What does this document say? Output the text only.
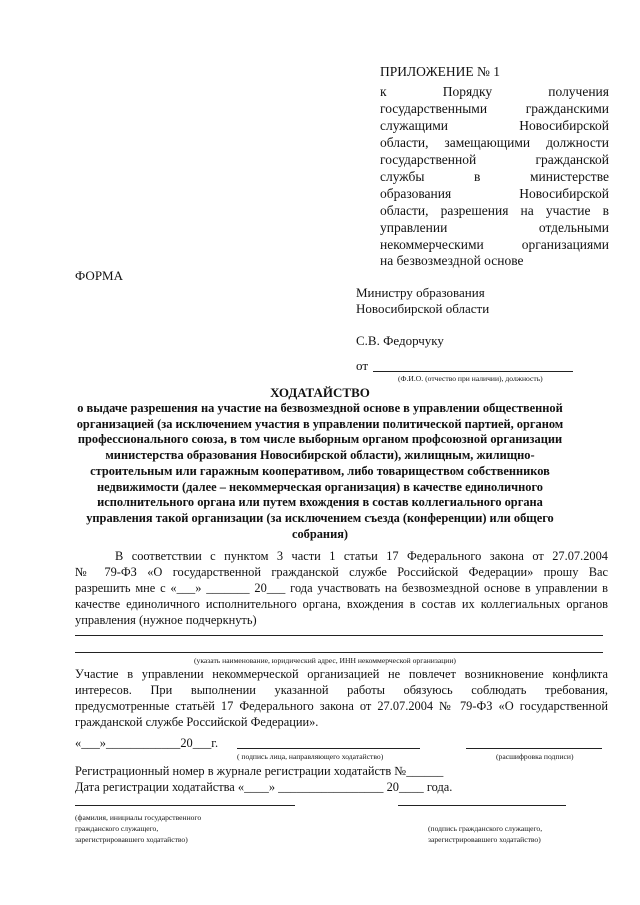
ПРИЛОЖЕНИЕ № 1
к Порядку получения
государственными гражданскими
служащими Новосибирской
области, замещающими должности
государственной гражданской
службы в министерстве
образования Новосибирской
области, разрешения на участие в
управлении отдельными
некоммерческими организациями
на безвозмездной основе
ФОРМА
Министру образования
Новосибирской области
С.В. Федорчуку
от
(Ф.И.О. (отчество при наличии), должность)
ХОДАТАЙСТВО
о выдаче разрешения на участие на безвозмездной основе в управлении общественной организацией (за исключением участия в управлении политической партией, органом профессионального союза, в том числе выборным органом профсоюзной организации министерства образования Новосибирской области), жилищным, жилищно-строительным или гаражным кооперативом, либо товариществом собственников недвижимости (далее – некоммерческая организация) в качестве единоличного исполнительного органа или путем вхождения в состав коллегиального органа управления такой организации (за исключением съезда (конференции) или общего собрания)
В соответствии с пунктом 3 части 1 статьи 17 Федерального закона от 27.07.2004
№ 79-ФЗ «О государственной гражданской службе Российской Федерации» прошу Вас
разрешить мне с «___» _______ 20___ года участвовать на безвозмездной основе в управлении в
качестве единоличного исполнительного органа, вхождения в состав их коллегиальных органов
управления (нужное подчеркнуть)
(указать наименование, юридический адрес, ИНН некоммерческой организации)
Участие в управлении некоммерческой организацией не повлечет возникновение конфликта
интересов. При выполнении указанной работы обязуюсь соблюдать требования,
предусмотренные статьёй 17 Федерального закона от 27.07.2004 № 79-ФЗ «О государственной
гражданской службе Российской Федерации».
«___»____________20___г.
( подпись лица, направляющего ходатайство)	(расшифровка подписи)
Регистрационный номер в журнале регистрации ходатайств №______
Дата регистрации ходатайства «____» _________________ 20____ года.
(фамилия, инициалы государственного
гражданского служащего,
зарегистрировавшего ходатайство)
(подпись гражданского служащего,
зарегистрировавшего ходатайство)
